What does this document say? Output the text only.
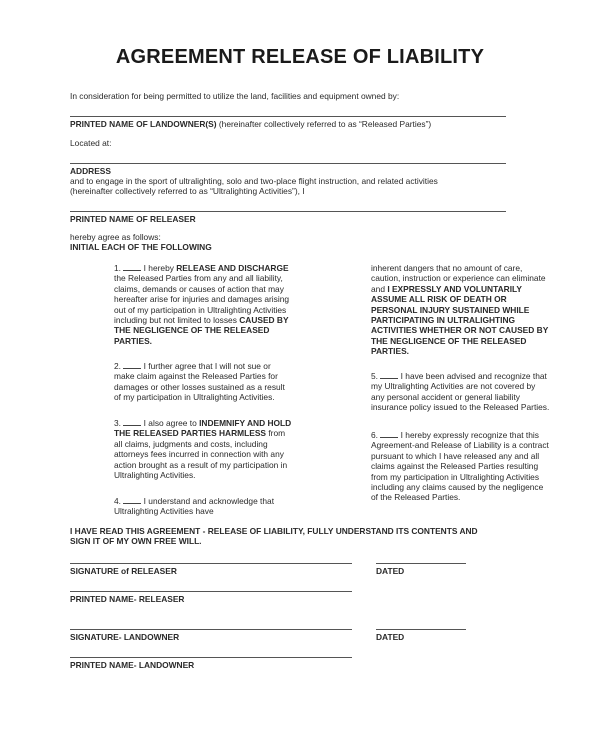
AGREEMENT RELEASE OF LIABILITY
In consideration for being permitted to utilize the land, facilities and equipment owned by:
PRINTED NAME OF LANDOWNER(S) (hereinafter collectively referred to as “Released Parties”)
Located at:
ADDRESS
and to engage in the sport of ultralighting, solo and two-place flight instruction, and related activities
(hereinafter collectively referred to as “Ultralighting Activities”), I
PRINTED NAME OF RELEASER
hereby agree as follows:
INITIAL EACH OF THE FOLLOWING

1.  I hereby RELEASE AND DISCHARGE the Released Parties from any and all liability, claims, demands or causes of action that may hereafter arise for injuries and damages arising out of my participation in Ultralighting Activities including but not limited to losses CAUSED BY THE NEGLIGENCE OF THE RELEASED PARTIES.

2.  I further agree that I will not sue or make claim against the Released Parties for damages or other losses sustained as a result of my participation in Ultralighting Activities.

3.  I also agree to INDEMNIFY AND HOLD THE RELEASED PARTIES HARMLESS from all claims, judgments and costs, including attorneys fees incurred in connection with any action brought as a result of my participation in Ultralighting Activities.

4.  I understand and acknowledge that Ultralighting Activities have

inherent dangers that no amount of care, caution, instruction or experience can eliminate and I EXPRESSLY AND VOLUNTARILY ASSUME ALL RISK OF DEATH OR PERSONAL INJURY SUSTAINED WHILE PARTICIPATING IN ULTRALIGHTING ACTIVITIES WHETHER OR NOT CAUSED BY THE NEGLIGENCE OF THE RELEASED PARTIES.

5.  I have been advised and recognize that my Ultralighting Activities are not covered by any personal accident or general liability insurance policy issued to the Released Parties.

6.  I hereby expressly recognize that this Agreement-and Release of Liability is a contract pursuant to which I have released any and all claims against the Released Parties resulting from my participation in Ultralighting Activities including any claims caused by the negligence of the Released Parties.

I HAVE READ THIS AGREEMENT - RELEASE OF LIABILITY, FULLY UNDERSTAND ITS CONTENTS AND
SIGN IT OF MY OWN FREE WILL.
SIGNATURE of RELEASER	DATED
PRINTED NAME- RELEASER
SIGNATURE- LANDOWNER	DATED
PRINTED NAME- LANDOWNER
